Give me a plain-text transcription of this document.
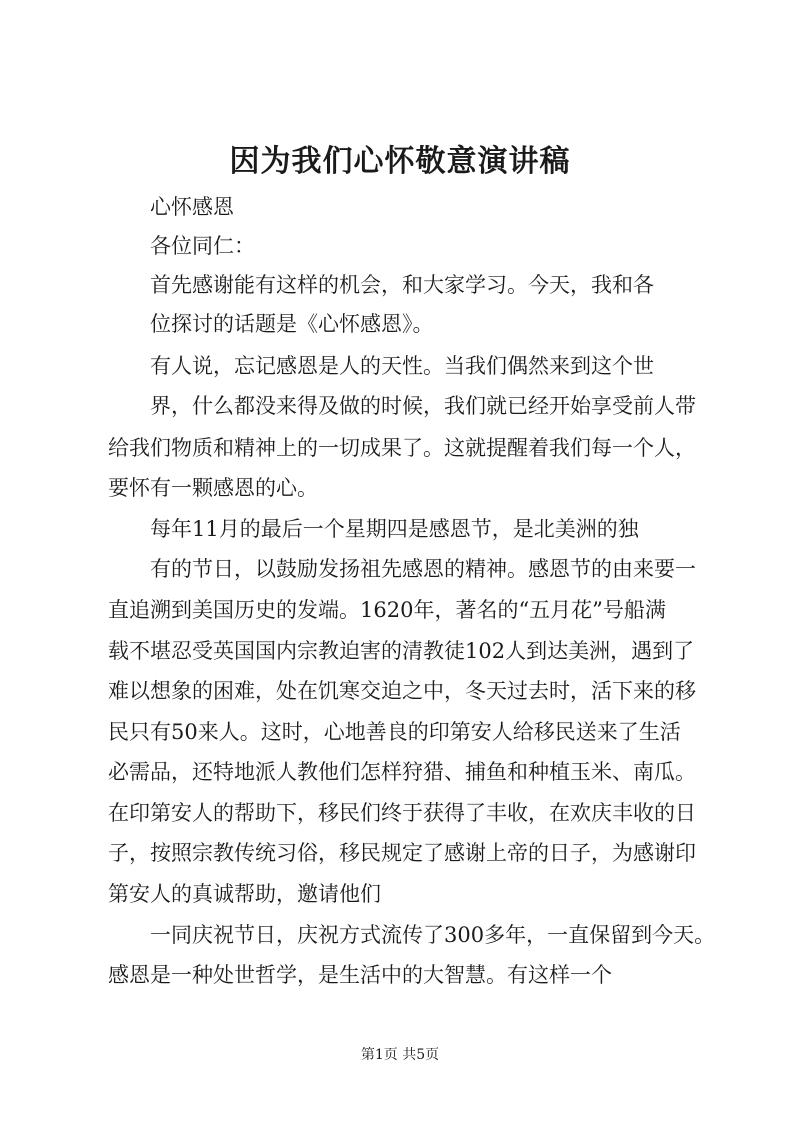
因为我们心怀敬意演讲稿
心怀感恩
各位同仁：
首先感谢能有这样的机会，和大家学习。今天，我和各
位探讨的话题是《心怀感恩》。
有人说，忘记感恩是人的天性。当我们偶然来到这个世
界，什么都没来得及做的时候，我们就已经开始享受前人带
给我们物质和精神上的一切成果了。这就提醒着我们每一个人，
要怀有一颗感恩的心。
每年11月的最后一个星期四是感恩节，是北美洲的独
有的节日，以鼓励发扬祖先感恩的精神。感恩节的由来要一
直追溯到美国历史的发端。1620年，著名的“五月花”号船满
载不堪忍受英国国内宗教迫害的清教徒102人到达美洲，遇到了
难以想象的困难，处在饥寒交迫之中，冬天过去时，活下来的移
民只有50来人。这时，心地善良的印第安人给移民送来了生活
必需品，还特地派人教他们怎样狩猎、捕鱼和种植玉米、南瓜。
在印第安人的帮助下，移民们终于获得了丰收，在欢庆丰收的日
子，按照宗教传统习俗，移民规定了感谢上帝的日子，为感谢印
第安人的真诚帮助，邀请他们
一同庆祝节日，庆祝方式流传了300多年，一直保留到今天。
感恩是一种处世哲学，是生活中的大智慧。有这样一个
第1页 共5页
